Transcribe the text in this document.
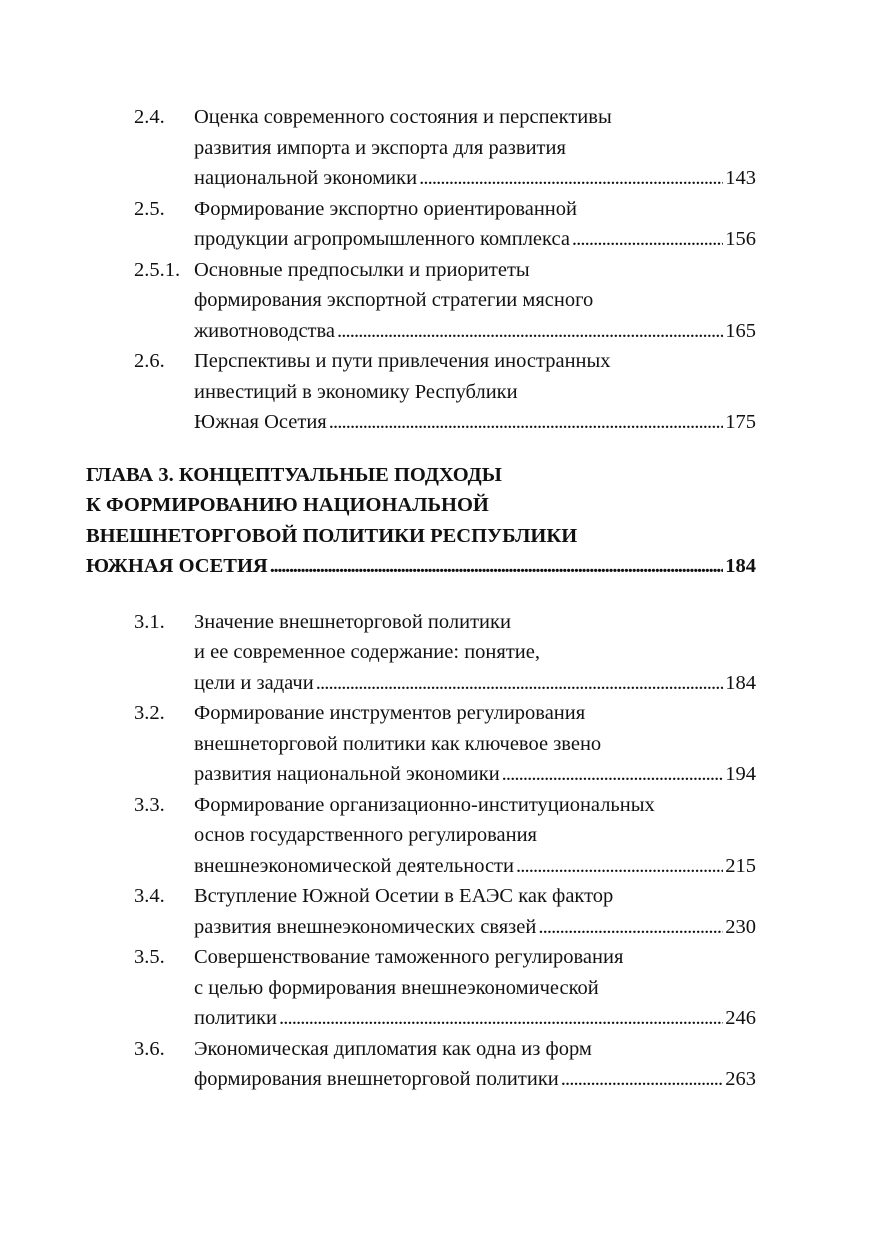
2.4. Оценка современного состояния и перспективы
развития импорта и экспорта для развития
национальной экономики . . .	143
2.5. Формирование экспортно ориентированной
продукции агропромышленного комплекса . . .	156
2.5.1. Основные предпосылки и приоритеты
формирования экспортной стратегии мясного
животноводства . . .	165
2.6. Перспективы и пути привлечения иностранных
инвестиций в экономику Республики
Южная Осетия . . .	175
ГЛАВА 3. КОНЦЕПТУАЛЬНЫЕ ПОДХОДЫ
К ФОРМИРОВАНИЮ НАЦИОНАЛЬНОЙ
ВНЕШНЕТОРГОВОЙ ПОЛИТИКИ РЕСПУБЛИКИ
ЮЖНАЯ ОСЕТИЯ . . .	184
3.1. Значение внешнеторговой политики
и ее современное содержание: понятие,
цели и задачи . . .	184
3.2. Формирование инструментов регулирования
внешнеторговой политики как ключевое звено
развития национальной экономики . . .	194
3.3. Формирование организационно-институциональных
основ государственного регулирования
внешнеэкономической деятельности . . .	215
3.4. Вступление Южной Осетии в ЕАЭС как фактор
развития внешнеэкономических связей . . .	230
3.5. Совершенствование таможенного регулирования
с целью формирования внешнеэкономической
политики . . .	246
3.6. Экономическая дипломатия как одна из форм
формирования внешнеторговой политики . . .	263
